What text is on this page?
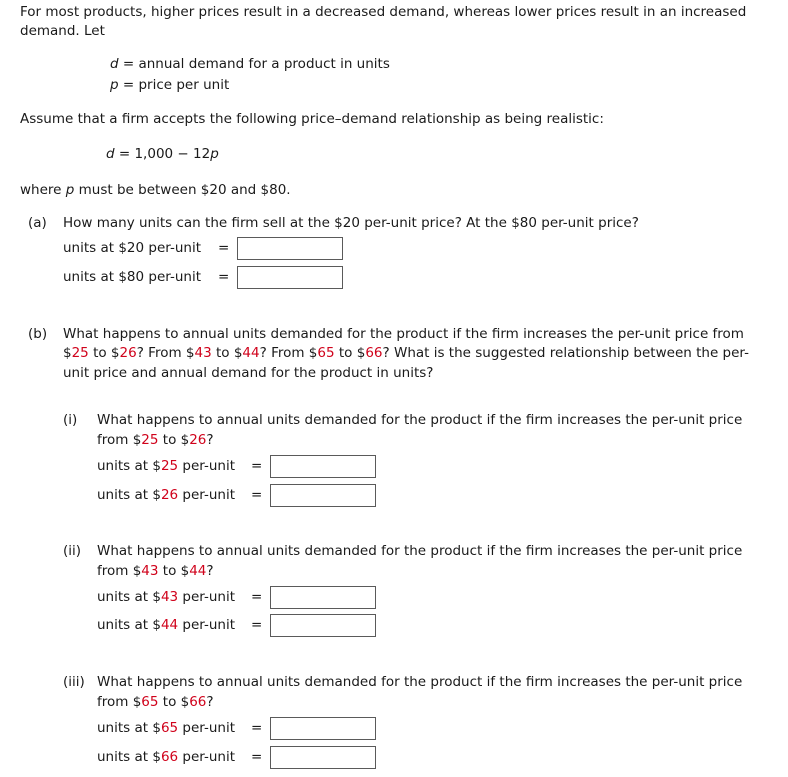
For most products, higher prices result in a decreased demand, whereas lower prices result in an increased
demand. Let
d = annual demand for a product in units
p = price per unit
Assume that a firm accepts the following price–demand relationship as being realistic:
d = 1,000 − 12p
where p must be between $20 and $80.
(a) How many units can the firm sell at the $20 per-unit price? At the $80 per-unit price?
units at $20 per-unit =
units at $80 per-unit =
(b) What happens to annual units demanded for the product if the firm increases the per-unit price from
$25 to $26? From $43 to $44? From $65 to $66? What is the suggested relationship between the per-
unit price and annual demand for the product in units?
(i) What happens to annual units demanded for the product if the firm increases the per-unit price
from $25 to $26?
units at $25 per-unit =
units at $26 per-unit =
(ii) What happens to annual units demanded for the product if the firm increases the per-unit price
from $43 to $44?
units at $43 per-unit =
units at $44 per-unit =
(iii) What happens to annual units demanded for the product if the firm increases the per-unit price
from $65 to $66?
units at $65 per-unit =
units at $66 per-unit =
